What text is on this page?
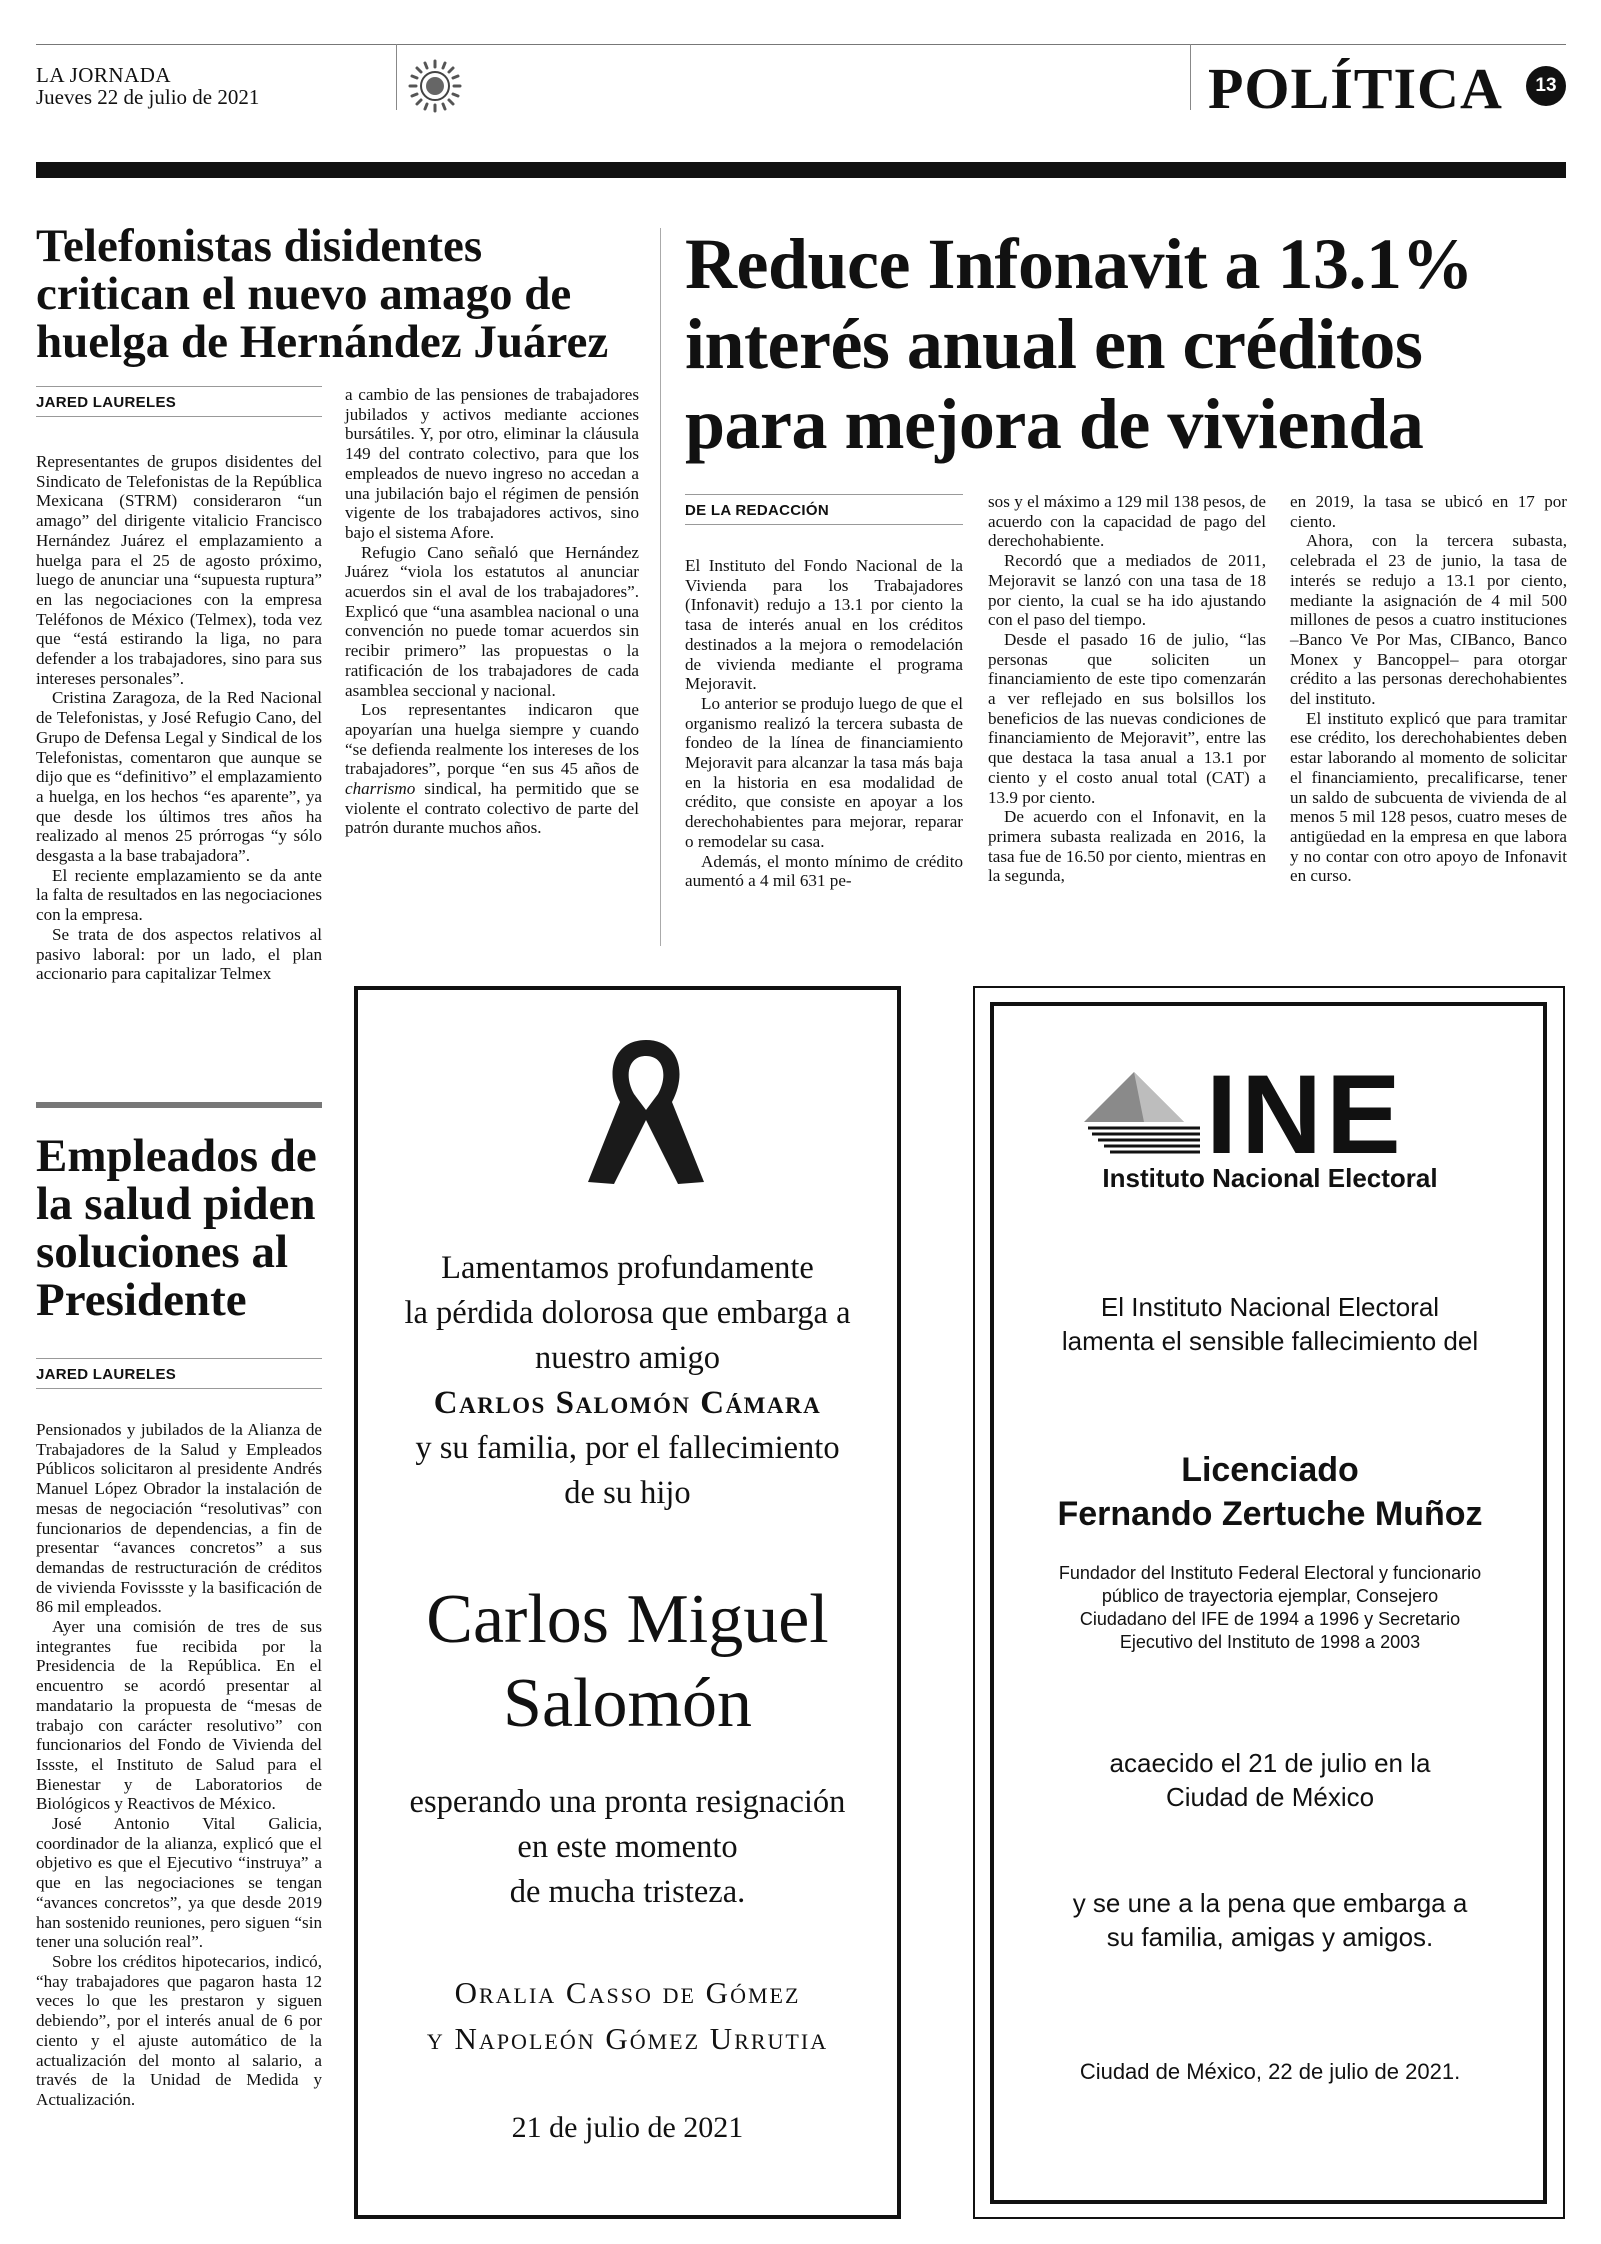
LA JORNADA
Jueves 22 de julio de 2021	POLÍTICA	13
Telefonistas disidentes critican el nuevo amago de huelga de Hernández Juárez
JARED LAURELES

Representantes de grupos disidentes del Sindicato de Telefonistas de la República Mexicana (STRM) consideraron “un amago” del dirigente vitalicio Francisco Hernández Juárez el emplazamiento a huelga para el 25 de agosto próximo, luego de anunciar una “supuesta ruptura” en las negociaciones con la empresa Teléfonos de México (Telmex), toda vez que “está estirando la liga, no para defender a los trabajadores, sino para sus intereses personales”.

Cristina Zaragoza, de la Red Nacional de Telefonistas, y José Refugio Cano, del Grupo de Defensa Legal y Sindical de los Telefonistas, comentaron que aunque se dijo que es “definitivo” el emplazamiento a huelga, en los hechos “es aparente”, ya que desde los últimos tres años ha realizado al menos 25 prórrogas “y sólo desgasta a la base trabajadora”.

El reciente emplazamiento se da ante la falta de resultados en las negociaciones con la empresa.

Se trata de dos aspectos relativos al pasivo laboral: por un lado, el plan accionario para capitalizar Telmex

a cambio de las pensiones de trabajadores jubilados y activos mediante acciones bursátiles. Y, por otro, eliminar la cláusula 149 del contrato colectivo, para que los empleados de nuevo ingreso no accedan a una jubilación bajo el régimen de pensión vigente de los trabajadores activos, sino bajo el sistema Afore.

Refugio Cano señaló que Hernández Juárez “viola los estatutos al anunciar acuerdos sin el aval de los trabajadores”. Explicó que “una asamblea nacional o una convención no puede tomar acuerdos sin recibir primero” las propuestas o la ratificación de los trabajadores de cada asamblea seccional y nacional.

Los representantes indicaron que apoyarían una huelga siempre y cuando “se defienda realmente los intereses de los trabajadores”, porque “en sus 45 años de charrismo sindical, ha permitido que se violente el contrato colectivo de parte del patrón durante muchos años.

Reduce Infonavit a 13.1% interés anual en créditos para mejora de vivienda
DE LA REDACCIÓN

El Instituto del Fondo Nacional de la Vivienda para los Trabajadores (Infonavit) redujo a 13.1 por ciento la tasa de interés anual en los créditos destinados a la mejora o remodelación de vivienda mediante el programa Mejoravit.

Lo anterior se produjo luego de que el organismo realizó la tercera subasta de fondeo de la línea de financiamiento Mejoravit para alcanzar la tasa más baja en la historia en esa modalidad de crédito, que consiste en apoyar a los derechohabientes para mejorar, reparar o remodelar su casa.

Además, el monto mínimo de crédito aumentó a 4 mil 631 pe-

sos y el máximo a 129 mil 138 pesos, de acuerdo con la capacidad de pago del derechohabiente.

Recordó que a mediados de 2011, Mejoravit se lanzó con una tasa de 18 por ciento, la cual se ha ido ajustando con el paso del tiempo.

Desde el pasado 16 de julio, “las personas que soliciten un financiamiento de este tipo comenzarán a ver reflejado en sus bolsillos los beneficios de las nuevas condiciones de financiamiento de Mejoravit”, entre las que destaca la tasa anual a 13.1 por ciento y el costo anual total (CAT) a 13.9 por ciento.

De acuerdo con el Infonavit, en la primera subasta realizada en 2016, la tasa fue de 16.50 por ciento, mientras en la segunda,

en 2019, la tasa se ubicó en 17 por ciento.

Ahora, con la tercera subasta, celebrada el 23 de junio, la tasa de interés se redujo a 13.1 por ciento, mediante la asignación de 4 mil 500 millones de pesos a cuatro instituciones –Banco Ve Por Mas, CIBanco, Banco Monex y Bancoppel– para otorgar crédito a las personas derechohabientes del instituto.

El instituto explicó que para tramitar ese crédito, los derechohabientes deben estar laborando al momento de solicitar el financiamiento, precalificarse, tener un saldo de subcuenta de vivienda de al menos 5 mil 128 pesos, cuatro meses de antigüedad en la empresa en que labora y no contar con otro apoyo de Infonavit en curso.

Empleados de la salud piden soluciones al Presidente
JARED LAURELES

Pensionados y jubilados de la Alianza de Trabajadores de la Salud y Empleados Públicos solicitaron al presidente Andrés Manuel López Obrador la instalación de mesas de negociación “resolutivas” con funcionarios de dependencias, a fin de presentar “avances concretos” a sus demandas de restructuración de créditos de vivienda Fovissste y la basificación de 86 mil empleados.

Ayer una comisión de tres de sus integrantes fue recibida por la Presidencia de la República. En el encuentro se acordó presentar al mandatario la propuesta de “mesas de trabajo con carácter resolutivo” con funcionarios del Fondo de Vivienda del Issste, el Instituto de Salud para el Bienestar y de Laboratorios de Biológicos y Reactivos de México.

José Antonio Vital Galicia, coordinador de la alianza, explicó que el objetivo es que el Ejecutivo “instruya” a que en las negociaciones se tengan “avances concretos”, ya que desde 2019 han sostenido reuniones, pero siguen “sin tener una solución real”.

Sobre los créditos hipotecarios, indicó, “hay trabajadores que pagaron hasta 12 veces lo que les prestaron y siguen debiendo”, por el interés anual de 6 por ciento y el ajuste automático de la actualización del monto al salario, a través de la Unidad de Medida y Actualización.

Lamentamos profundamente
la pérdida dolorosa que embarga a
nuestro amigo
Carlos Salomón Cámara
y su familia, por el fallecimiento
de su hijo
Carlos Miguel
Salomón
esperando una pronta resignación
en este momento
de mucha tristeza.
Oralia Casso de Gómez
y Napoleón Gómez Urrutia
21 de julio de 2021
INE
Instituto Nacional Electoral
El Instituto Nacional Electoral
lamenta el sensible fallecimiento del
Licenciado
Fernando Zertuche Muñoz
Fundador del Instituto Federal Electoral y funcionario
público de trayectoria ejemplar, Consejero
Ciudadano del IFE de 1994 a 1996 y Secretario
Ejecutivo del Instituto de 1998 a 2003
acaecido el 21 de julio en la
Ciudad de México
y se une a la pena que embarga a
su familia, amigas y amigos.
Ciudad de México, 22 de julio de 2021.
